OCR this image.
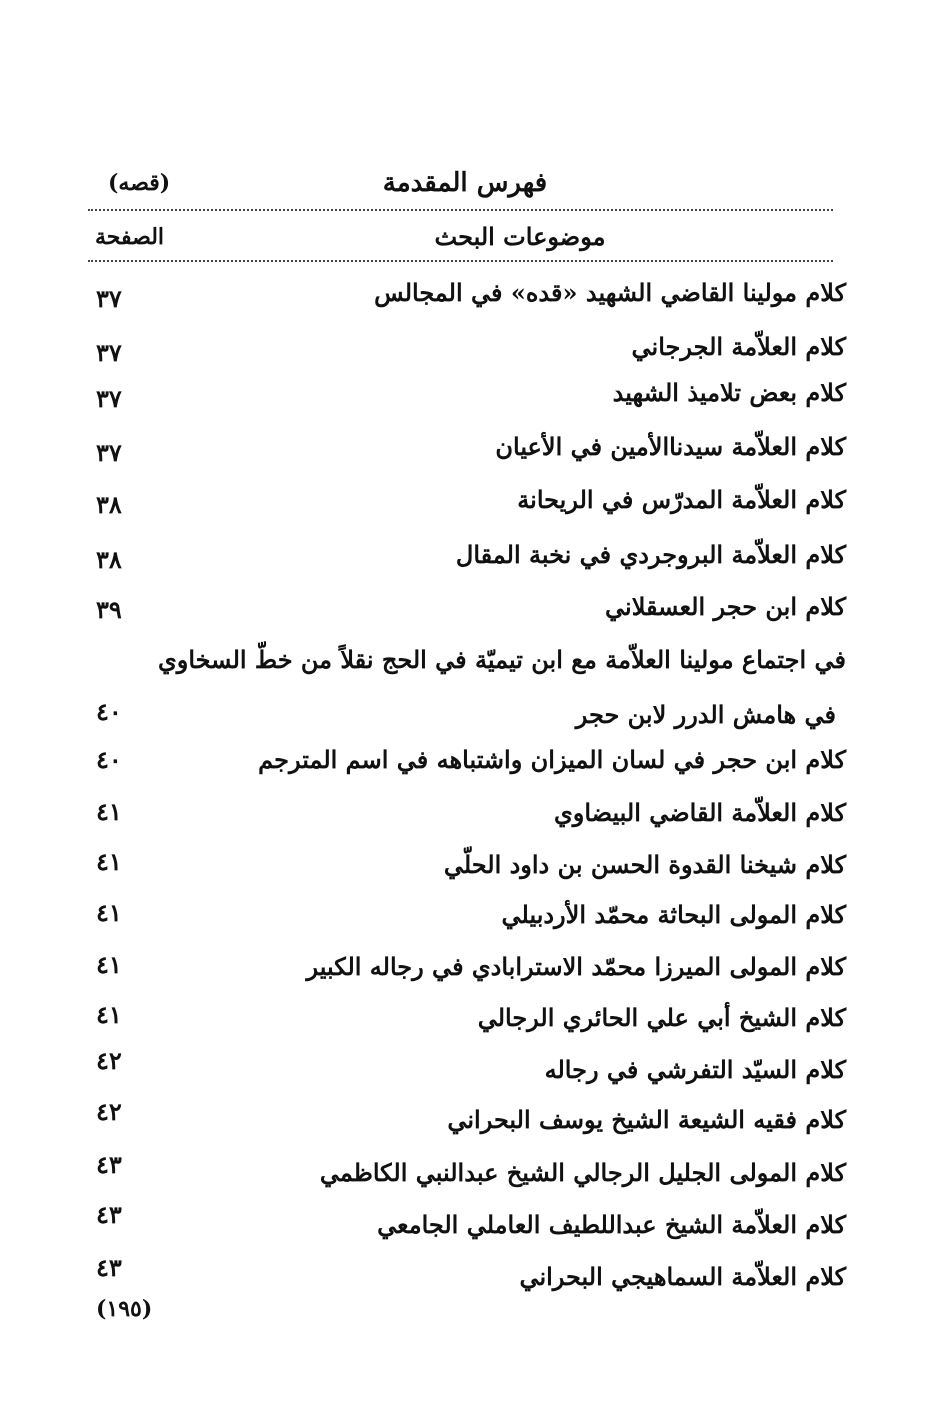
فهرس المقدمة
(قصه)
موضوعات البحث
الصفحة
كلام مولينا القاضي الشهيد «قده» في المجالس
٣٧
كلام العلاّمة الجرجاني
٣٧
كلام بعض تلاميذ الشهيد
٣٧
كلام العلاّمة سيدناالأمين في الأعيان
٣٧
كلام العلاّمة المدرّس في الريحانة
٣٨
كلام العلاّمة البروجردي في نخبة المقال
٣٨
كلام ابن حجر العسقلاني
٣٩
في اجتماع مولينا العلاّمة مع ابن تيميّة في الحج نقلاً من خطّ السخاوي
في هامش الدرر لابن حجر
٤٠
كلام ابن حجر في لسان الميزان واشتباهه في اسم المترجم
٤٠
كلام العلاّمة القاضي البيضاوي
٤١
كلام شيخنا القدوة الحسن بن داود الحلّي
٤١
كلام المولى البحاثة محمّد الأردبيلي
٤١
كلام المولى الميرزا محمّد الاسترابادي في رجاله الكبير
٤١
كلام الشيخ أبي علي الحائري الرجالي
٤١
كلام السيّد التفرشي في رجاله
٤٢
كلام فقيه الشيعة الشيخ يوسف البحراني
٤٢
كلام المولى الجليل الرجالي الشيخ عبدالنبي الكاظمي
٤٣
كلام العلاّمة الشيخ عبداللطيف العاملي الجامعي
٤٣
كلام العلاّمة السماهيجي البحراني
٤٣
(١٩٥)
